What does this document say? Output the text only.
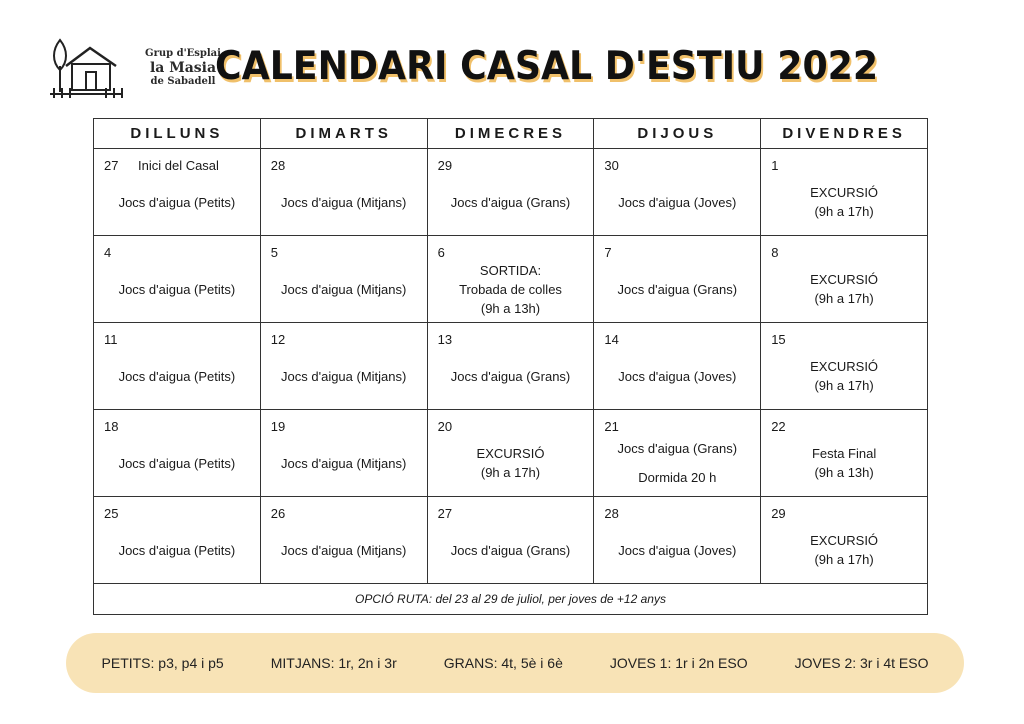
Grup d'Esplai
la Masia
de Sabadell CALENDARI CASAL D'ESTIU 2022
DILLUNS	DIMARTS	DIMECRES	DIJOUS	DIVENDRES

27 Inici del Casal
Jocs d'aigua (Petits)	28
Jocs d'aigua (Mitjans)	29
Jocs d'aigua (Grans)	30
Jocs d'aigua (Joves)	1
EXCURSIÓ
(9h a 17h)

4
Jocs d'aigua (Petits)	5
Jocs d'aigua (Mitjans)	6
SORTIDA:
Trobada de colles
(9h a 13h)	7
Jocs d'aigua (Grans)	8
EXCURSIÓ
(9h a 17h)

11
Jocs d'aigua (Petits)	12
Jocs d'aigua (Mitjans)	13
Jocs d'aigua (Grans)	14
Jocs d'aigua (Joves)	15
EXCURSIÓ
(9h a 17h)

18
Jocs d'aigua (Petits)	19
Jocs d'aigua (Mitjans)	20
EXCURSIÓ
(9h a 17h)	21
Jocs d'aigua (Grans)
Dormida 20 h	22
Festa Final
(9h a 13h)

25
Jocs d'aigua (Petits)	26
Jocs d'aigua (Mitjans)	27
Jocs d'aigua (Grans)	28
Jocs d'aigua (Joves)	29
EXCURSIÓ
(9h a 17h)

OPCIÓ RUTA: del 23 al 29 de juliol, per joves de +12 anys				
PETITS: p3, p4 i p5	MITJANS: 1r, 2n i 3r	GRANS: 4t, 5è i 6è	JOVES 1: 1r i 2n ESO	JOVES 2: 3r i 4t ESO
